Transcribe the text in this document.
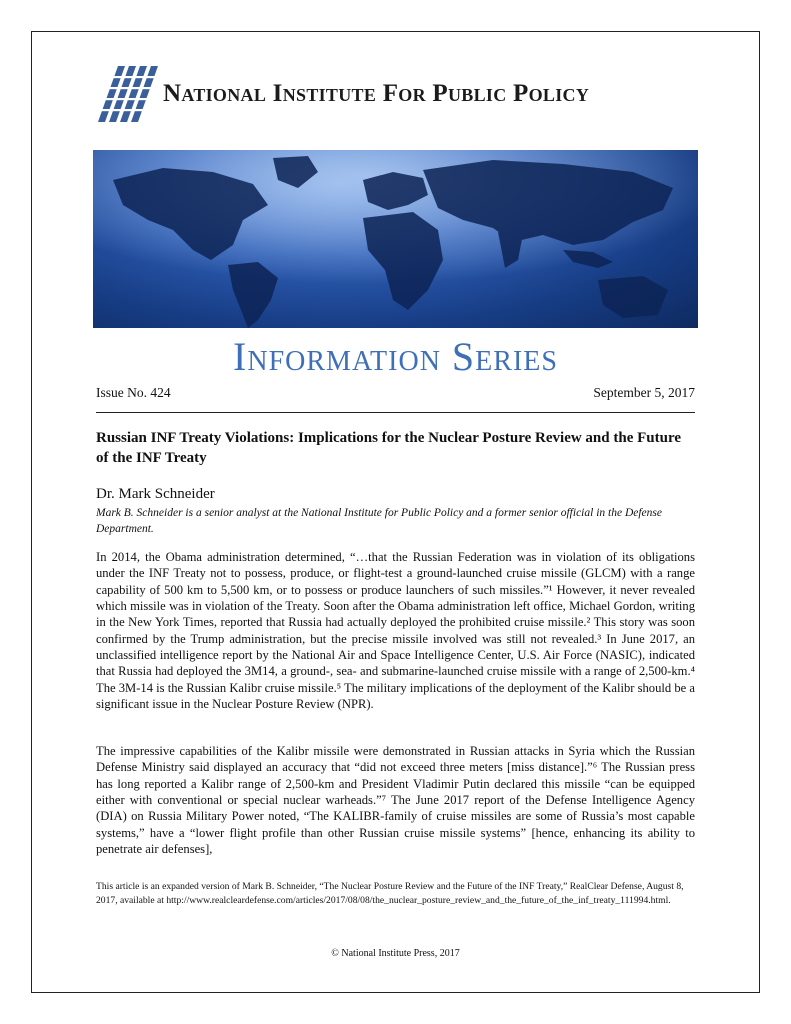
National Institute For Public Policy
Information Series
Issue No. 424	September 5, 2017
Russian INF Treaty Violations: Implications for the Nuclear Posture Review and the Future of the INF Treaty
Dr. Mark Schneider
Mark B. Schneider is a senior analyst at the National Institute for Public Policy and a former senior official in the Defense Department.
In 2014, the Obama administration determined, “…that the Russian Federation was in violation of its obligations under the INF Treaty not to possess, produce, or flight-test a ground-launched cruise missile (GLCM) with a range capability of 500 km to 5,500 km, or to possess or produce launchers of such missiles.”¹ However, it never revealed which missile was in violation of the Treaty. Soon after the Obama administration left office, Michael Gordon, writing in the New York Times, reported that Russia had actually deployed the prohibited cruise missile.² This story was soon confirmed by the Trump administration, but the precise missile involved was still not revealed.³ In June 2017, an unclassified intelligence report by the National Air and Space Intelligence Center, U.S. Air Force (NASIC), indicated that Russia had deployed the 3M14, a ground-, sea- and submarine-launched cruise missile with a range of 2,500-km.⁴ The 3M-14 is the Russian Kalibr cruise missile.⁵ The military implications of the deployment of the Kalibr should be a significant issue in the Nuclear Posture Review (NPR).
The impressive capabilities of the Kalibr missile were demonstrated in Russian attacks in Syria which the Russian Defense Ministry said displayed an accuracy that “did not exceed three meters [miss distance].”⁶ The Russian press has long reported a Kalibr range of 2,500-km and President Vladimir Putin declared this missile “can be equipped either with conventional or special nuclear warheads.”⁷ The June 2017 report of the Defense Intelligence Agency (DIA) on Russia Military Power noted, “The KALIBR-family of cruise missiles are some of Russia’s most capable systems,” have a “lower flight profile than other Russian cruise missile systems” [hence, enhancing its ability to penetrate air defenses],
This article is an expanded version of Mark B. Schneider, “The Nuclear Posture Review and the Future of the INF Treaty,” RealClear Defense, August 8, 2017, available at http://www.realcleardefense.com/articles/2017/08/08/the_nuclear_posture_review_and_the_future_of_the_inf_treaty_111994.html.
© National Institute Press, 2017
